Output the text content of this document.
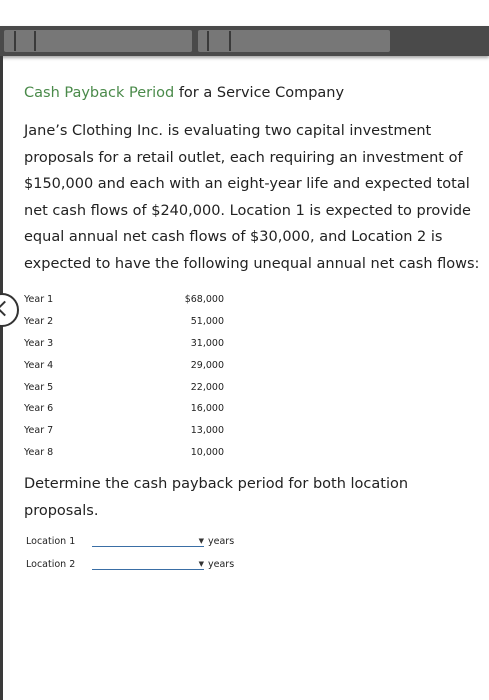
Cash Payback Period for a Service Company
Jane’s Clothing Inc. is evaluating two capital investment proposals for a retail outlet, each requiring an investment of $150,000 and each with an eight-year life and expected total net cash flows of $240,000. Location 1 is expected to provide equal annual net cash flows of $30,000, and Location 2 is expected to have the following unequal annual net cash flows:
Year 1	$68,000
Year 2	51,000
Year 3	31,000
Year 4	29,000
Year 5	22,000
Year 6	16,000
Year 7	13,000
Year 8	10,000
Determine the cash payback period for both location proposals.
Location 1	▼ years
Location 2	▼ years
